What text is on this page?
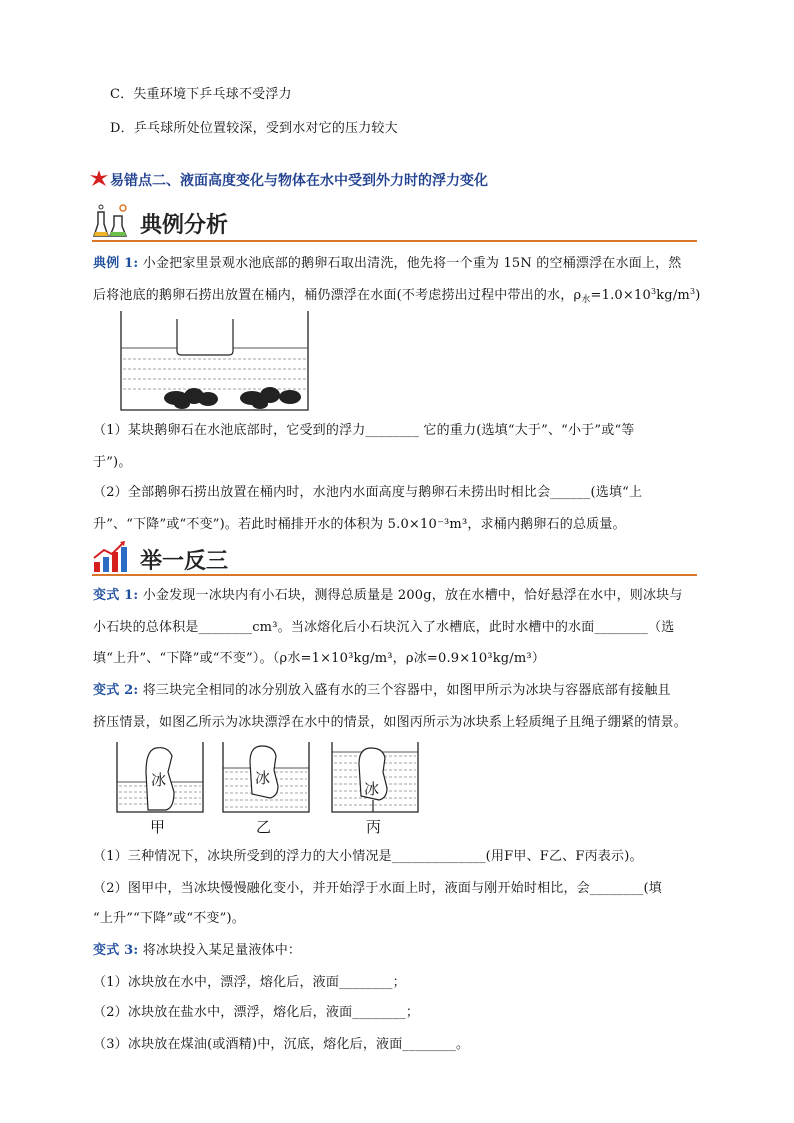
C．失重环境下乒乓球不受浮力
D．乒乓球所处位置较深，受到水对它的压力较大
易错点二、液面高度变化与物体在水中受到外力时的浮力变化
典例分析
典例 1: 小金把家里景观水池底部的鹅卵石取出清洗，他先将一个重为 15N 的空桶漂浮在水面上，然
后将池底的鹅卵石捞出放置在桶内，桶仍漂浮在水面(不考虑捞出过程中带出的水，$\rho_水=1.0\times 10^3kg/m^3$)
（1）某块鹅卵石在水池底部时，它受到的浮力________ 它的重力(选填“大于”、“小于”或“等
于”)。
（2）全部鹅卵石捞出放置在桶内时，水池内水面高度与鹅卵石未捞出时相比会______(选填“上
升”、“下降”或“不变”)。若此时桶排开水的体积为 5.0×10⁻³m³，求桶内鹅卵石的总质量。
举一反三
变式 1: 小金发现一冰块内有小石块，测得总质量是 200g，放在水槽中，恰好悬浮在水中，则冰块与
小石块的总体积是________cm³。当冰熔化后小石块沉入了水槽底，此时水槽中的水面________（选
填“上升”、“下降”或“不变”）。（ρ水=1×10³kg/m³，ρ冰=0.9×10³kg/m³）
变式 2: 将三块完全相同的冰分别放入盛有水的三个容器中，如图甲所示为冰块与容器底部有接触且
挤压情景，如图乙所示为冰块漂浮在水中的情景，如图丙所示为冰块系上轻质绳子且绳子绷紧的情景。
冰	冰
冰
甲	乙	丙
（1）三种情况下，冰块所受到的浮力的大小情况是______________(用F甲、F乙、F丙表示)。
（2）图甲中，当冰块慢慢融化变小，并开始浮于水面上时，液面与刚开始时相比，会________(填
“上升”“下降”或“不变”)。
变式 3: 将冰块投入某足量液体中：
（1）冰块放在水中，漂浮，熔化后，液面________；
（2）冰块放在盐水中，漂浮，熔化后，液面________；
（3）冰块放在煤油(或酒精)中，沉底，熔化后，液面________。
